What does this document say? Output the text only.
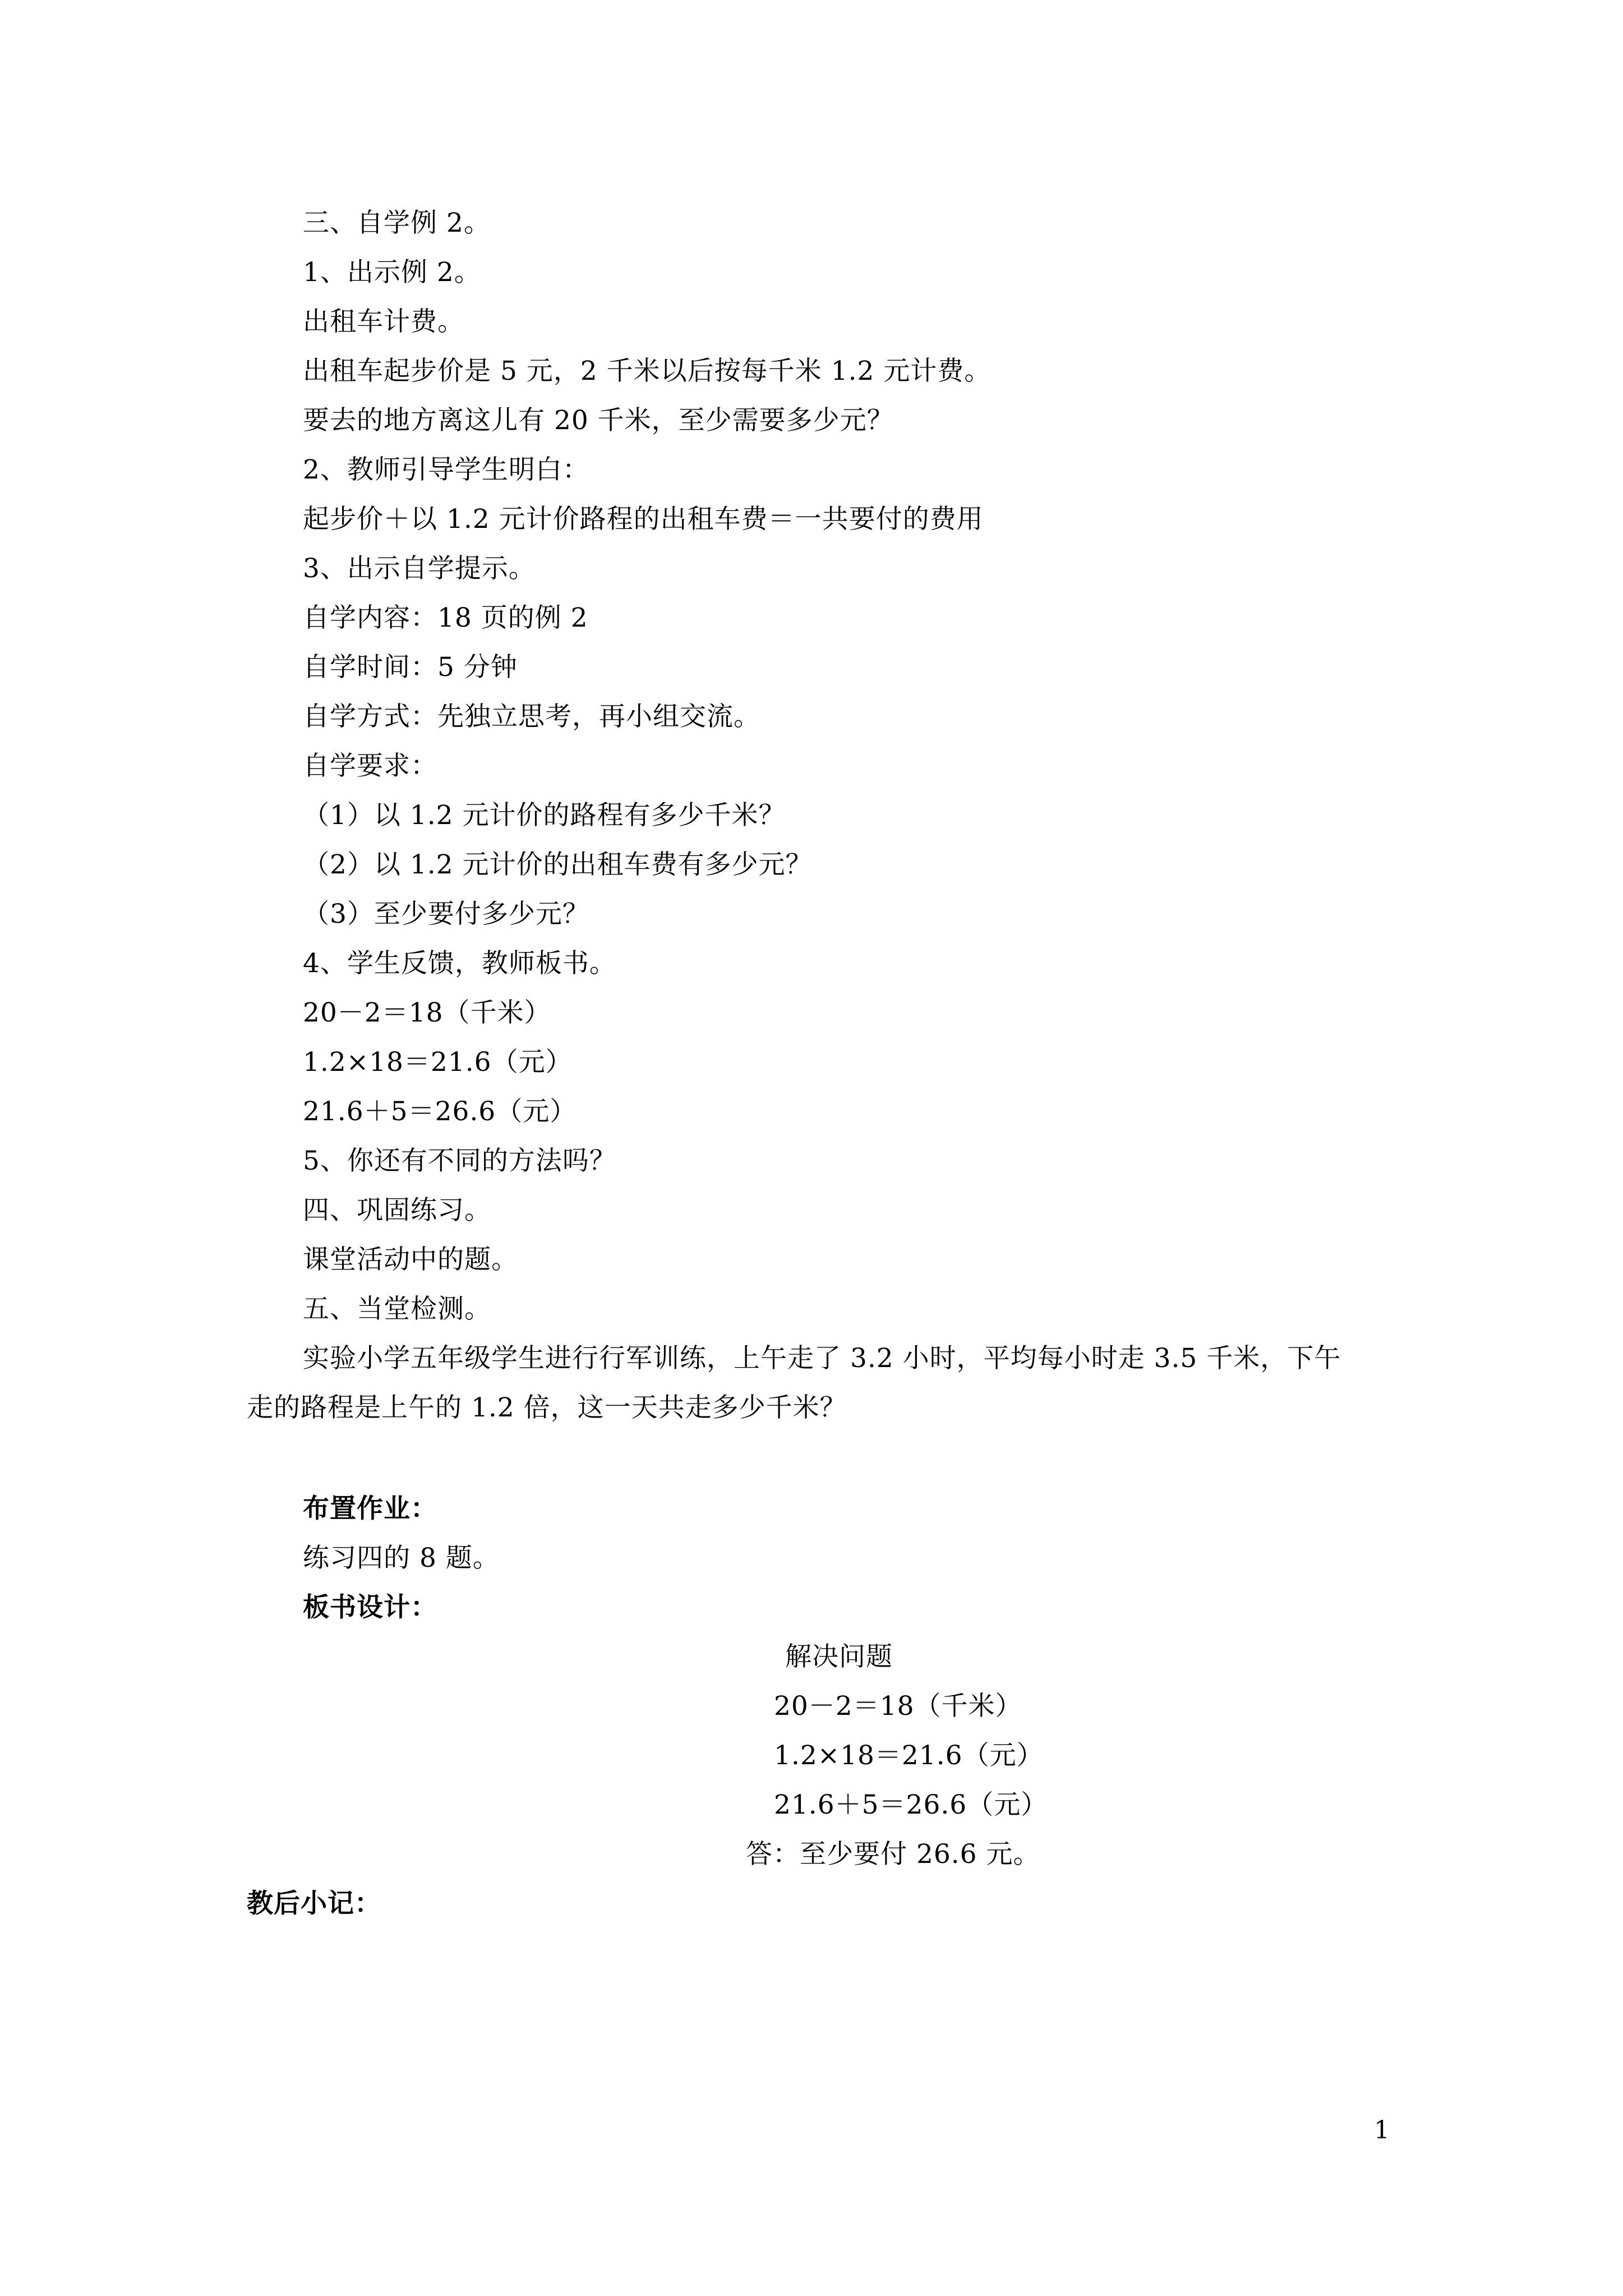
三、自学例 2。
1、出示例 2。
出租车计费。
出租车起步价是 5 元，2 千米以后按每千米 1.2 元计费。
要去的地方离这儿有 20 千米，至少需要多少元？
2、教师引导学生明白：
起步价＋以 1.2 元计价路程的出租车费＝一共要付的费用
3、出示自学提示。
自学内容：18 页的例 2
自学时间：5 分钟
自学方式：先独立思考，再小组交流。
自学要求：
（1）以 1.2 元计价的路程有多少千米？
（2）以 1.2 元计价的出租车费有多少元？
（3）至少要付多少元？
4、学生反馈，教师板书。
20－2＝18（千米）
1.2×18＝21.6（元）
21.6＋5＝26.6（元）
5、你还有不同的方法吗？
四、巩固练习。
课堂活动中的题。
五、当堂检测。
实验小学五年级学生进行行军训练，上午走了 3.2 小时，平均每小时走 3.5 千米，下午
走的路程是上午的 1.2 倍，这一天共走多少千米？
布置作业：
练习四的 8 题。
板书设计：
解决问题
20－2＝18（千米）
1.2×18＝21.6（元）
21.6＋5＝26.6（元）
答：至少要付 26.6 元。
教后小记：
1
